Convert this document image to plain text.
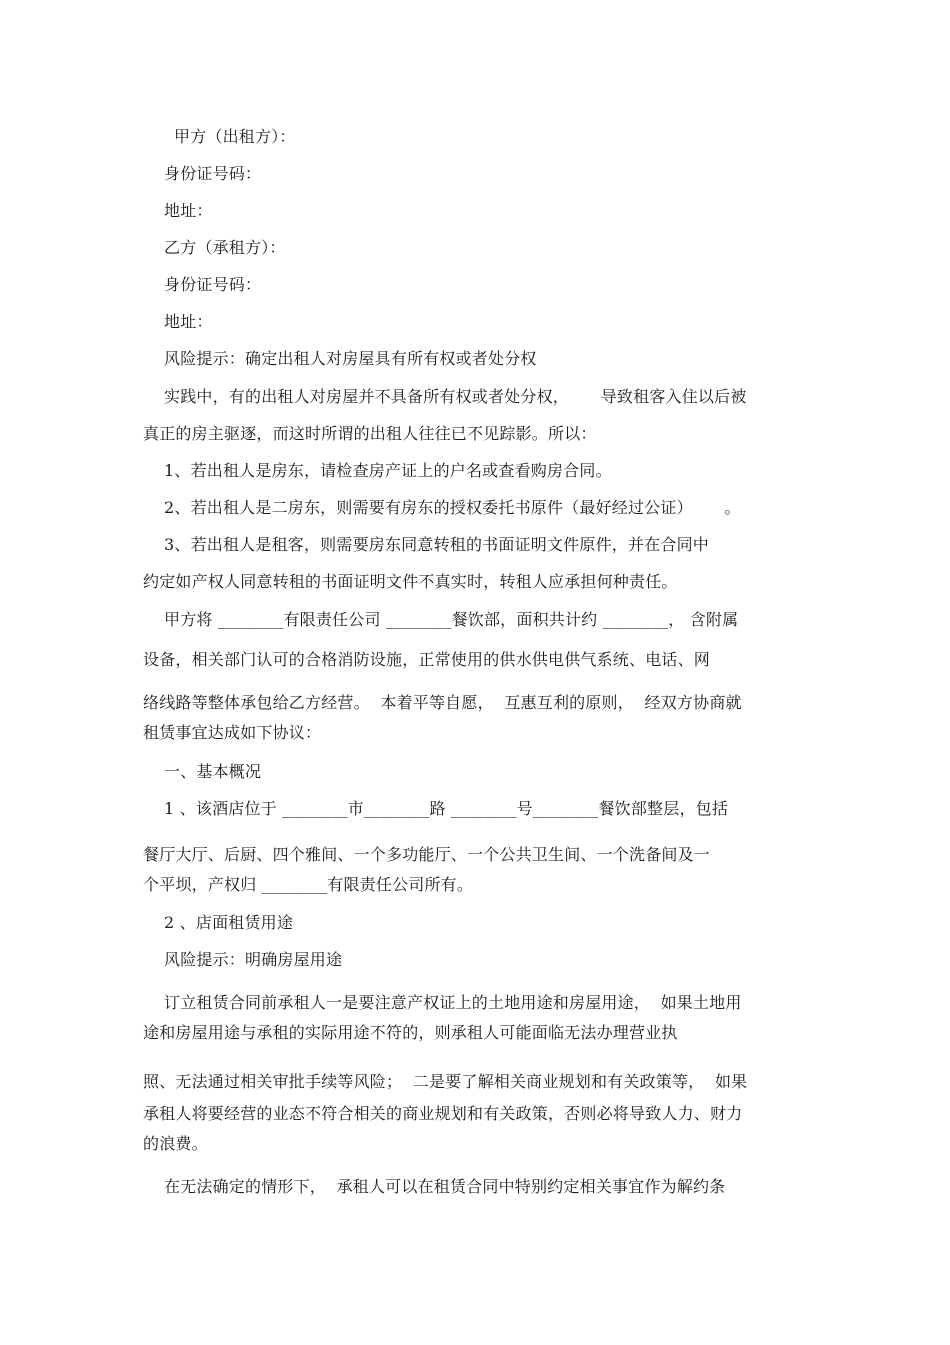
甲方（出租方）：
身份证号码：
地址：
乙方（承租方）：
身份证号码：
地址：
风险提示：确定出租人对房屋具有所有权或者处分权
实践中，有的出租人对房屋并不具备所有权或者处分权，      导致租客入住以后被
真正的房主驱逐，而这时所谓的出租人往往已不见踪影。所以：
1、若出租人是房东，请检查房产证上的户名或查看购房合同。
2、若出租人是二房东，则需要有房东的授权委托书原件（最好经过公证）      。
3、若出租人是租客，则需要房东同意转租的书面证明文件原件，并在合同中
约定如产权人同意转租的书面证明文件不真实时，转租人应承担何种责任。
甲方将 ________有限责任公司 ________餐饮部，面积共计约 ________， 含附属
设备，相关部门认可的合格消防设施，正常使用的供水供电供气系统、电话、网
络线路等整体承包给乙方经营。  本着平等自愿，  互惠互利的原则，  经双方协商就
租赁事宜达成如下协议：
一、基本概况
1 、该酒店位于 ________市________路 ________号________餐饮部整层，包括
餐厅大厅、后厨、四个雅间、一个多功能厅、一个公共卫生间、一个洗备间及一
个平坝，产权归 ________有限责任公司所有。
2 、店面租赁用途
风险提示：明确房屋用途
订立租赁合同前承租人一是要注意产权证上的土地用途和房屋用途，  如果土地用
途和房屋用途与承租的实际用途不符的，则承租人可能面临无法办理营业执
照、无法通过相关审批手续等风险；  二是要了解相关商业规划和有关政策等，  如果
承租人将要经营的业态不符合相关的商业规划和有关政策，否则必将导致人力、财力
的浪费。
在无法确定的情形下，  承租人可以在租赁合同中特别约定相关事宜作为解约条
